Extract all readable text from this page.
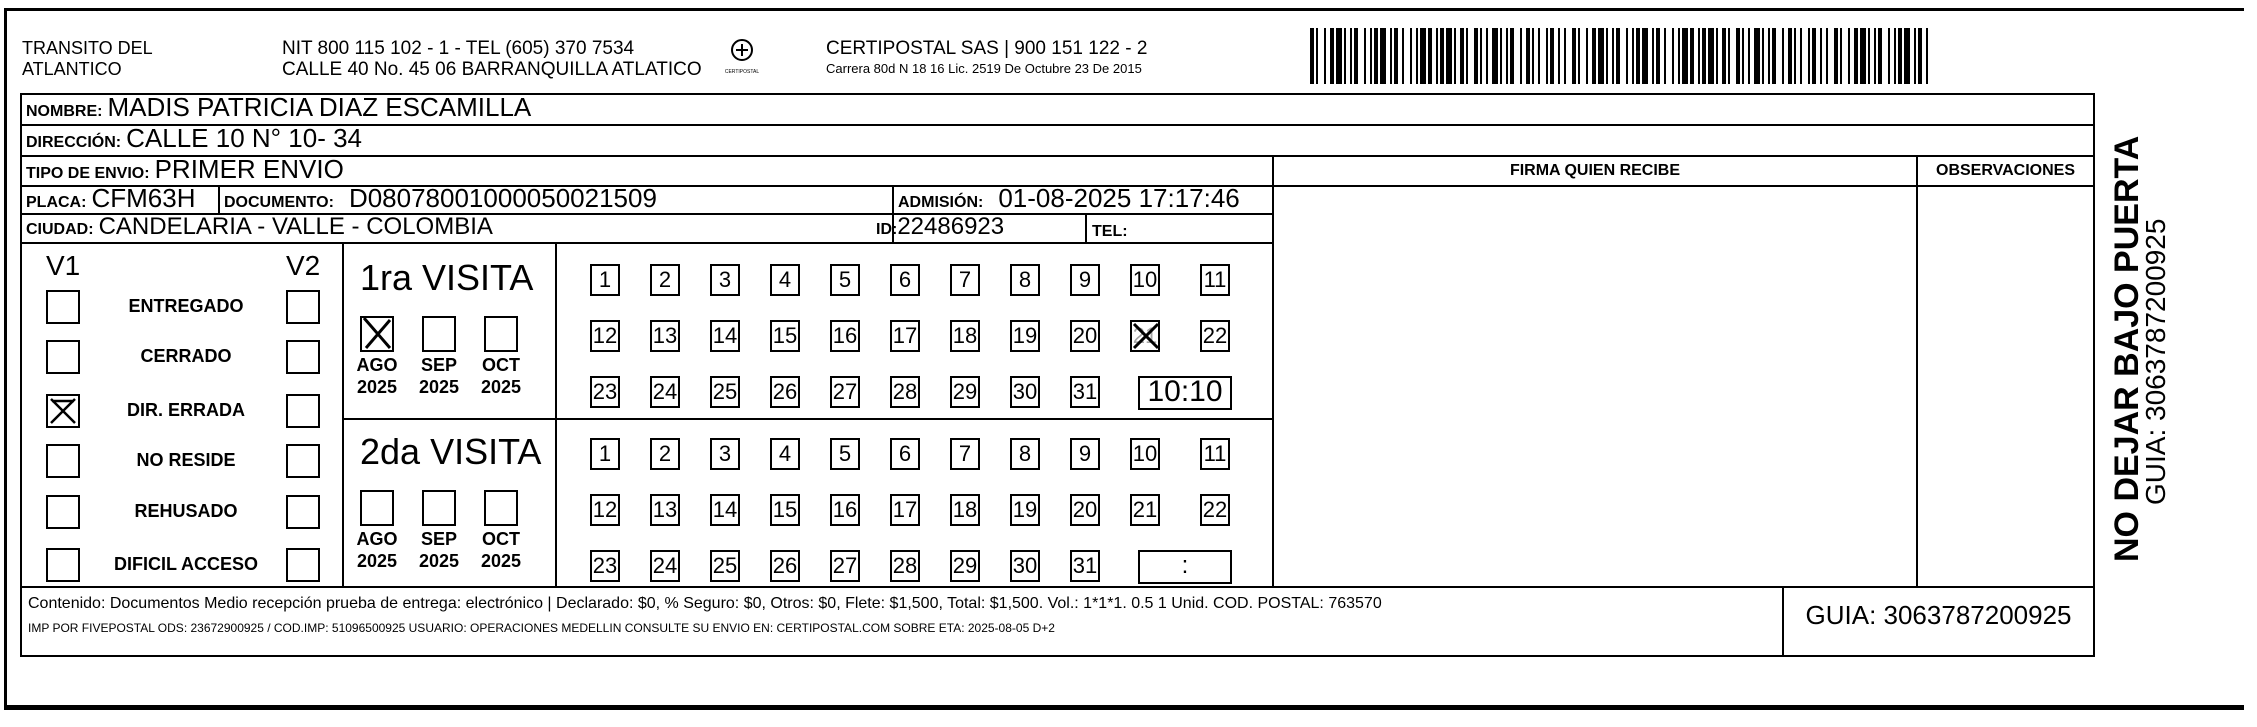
TRANSITO DEL
ATLANTICO
NIT 800 115 102 - 1 - TEL (605) 370 7534
CALLE 40 No. 45 06 BARRANQUILLA ATLATICO	CERTIPOSTAL
CERTIPOSTAL SAS | 900 151 122 - 2
Carrera 80d N 18 16 Lic. 2519 De Octubre 23 De 2015
NOMBRE: MADIS PATRICIA DIAZ ESCAMILLA
DIRECCIÓN: CALLE 10 N° 10- 34
TIPO DE ENVIO: PRIMER ENVIO
PLACA: CFM63H DOCUMENTO: D08078001000050021509	ADMISIÓN: 01-08-2025 17:17:46
CIUDAD: CANDELARIA - VALLE - COLOMBIA	ID:22486923	TEL:
FIRMA QUIEN RECIBE	OBSERVACIONES
V1	V2
ENTREGADO
CERRADO
DIR. ERRADA
NO RESIDE
REHUSADO
DIFICIL ACCESO
1ra VISITA
AGO
2025
SEP
2025
OCT
2025
1	2	3	4	5	6	7	8	9	10 11
12 13 14 15 16 17 18 19 20 21 22
23 24 25 26 27 28 29 30 31	10:10
2da VISITA
AGO
2025
SEP
2025
OCT
2025
1	2	3	4	5	6	7	8	9	10 11
12 13 14 15 16 17 18 19 20 21 22
23 24 25 26 27 28 29 30 31	:
Contenido: Documentos Medio recepción prueba de entrega: electrónico | Declarado: $0, % Seguro: $0, Otros: $0, Flete: $1,500, Total: $1,500. Vol.: 1*1*1. 0.5 1 Unid. COD. POSTAL: 763570
IMP POR FIVEPOSTAL ODS: 23672900925 / COD.IMP: 51096500925 USUARIO: OPERACIONES MEDELLIN CONSULTE SU ENVIO EN: CERTIPOSTAL.COM SOBRE ETA: 2025-08-05 D+2	GUIA: 3063787200925
NO DEJAR BAJO PUERTA
GUIA: 3063787200925
